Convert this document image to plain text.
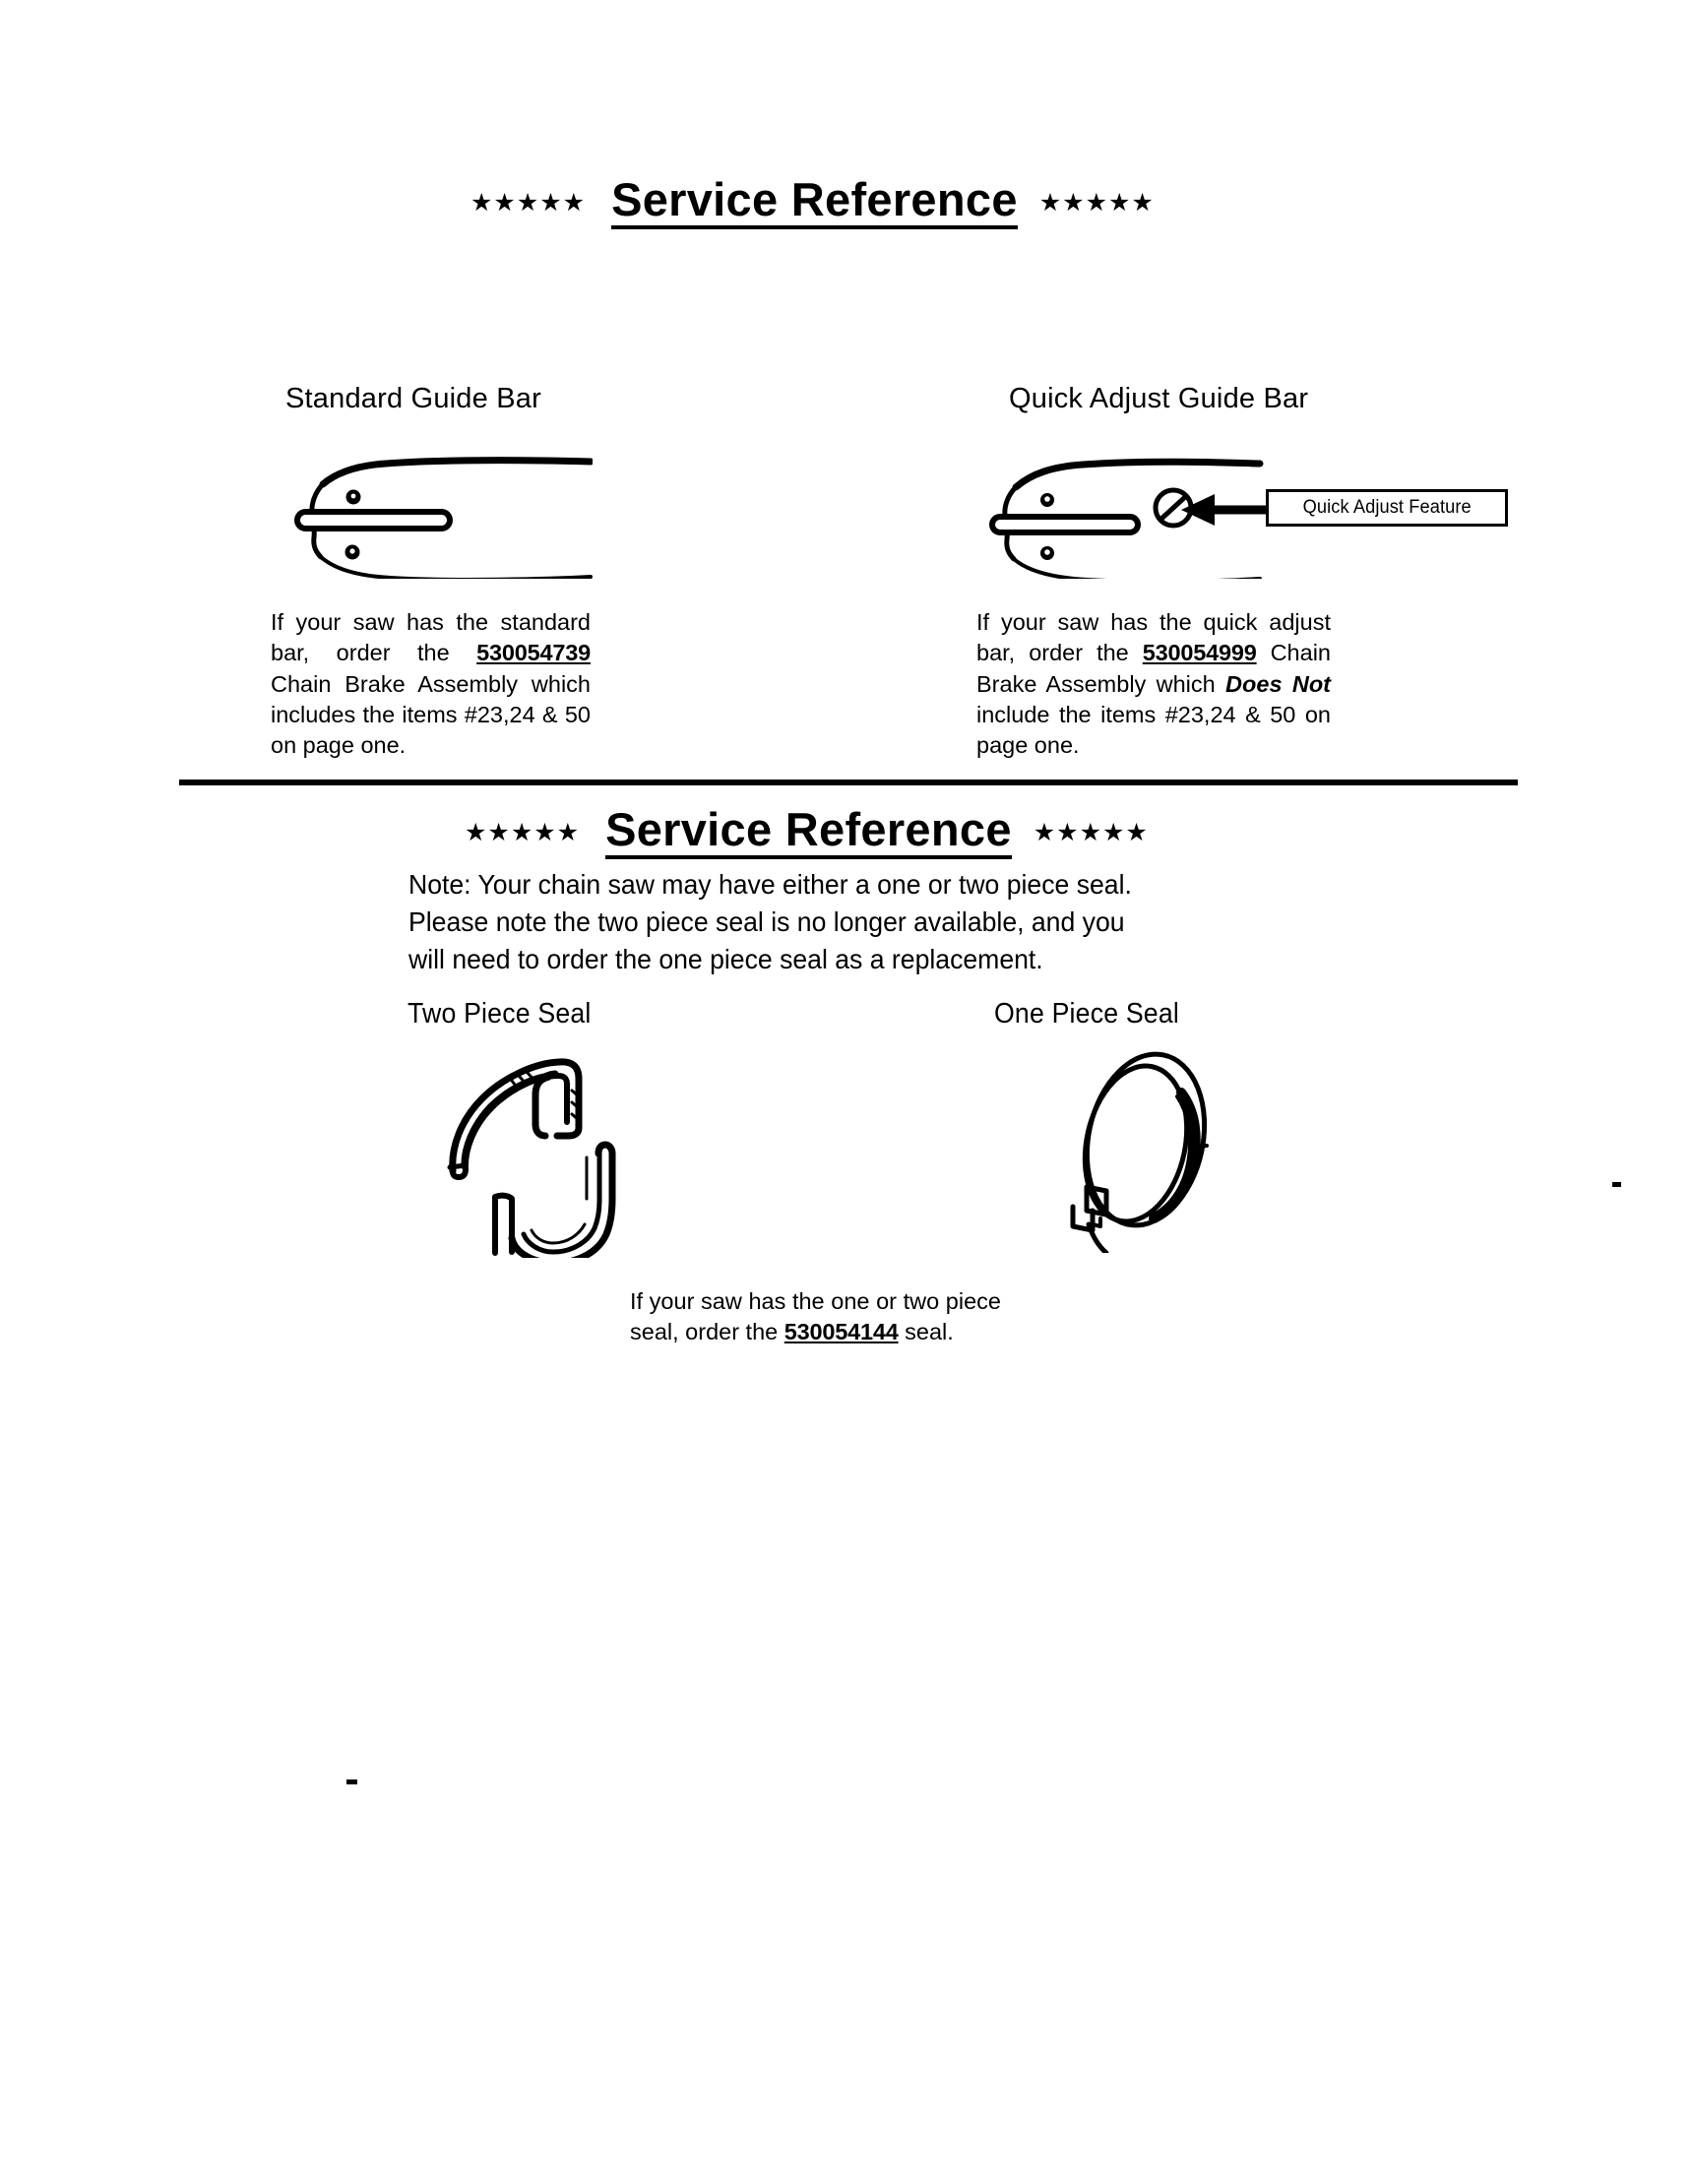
★★★★★ Service Reference ★★★★★
Standard Guide Bar	Quick Adjust Guide Bar
Quick Adjust Feature
If your saw has the standard bar, order the 530054739 Chain Brake Assembly which includes the items #23,24 & 50 on page one.
If your saw has the quick adjust bar, order the 530054999 Chain Brake Assembly which Does Not include the items #23,24 & 50 on page one.
★★★★★ Service Reference ★★★★★
Note: Your chain saw may have either a one or two piece seal.
Please note the two piece seal is no longer available, and you
will need to order the one piece seal as a replacement.
Two Piece Seal	One Piece Seal
If your saw has the one or two piece seal, order the 530054144 seal.
